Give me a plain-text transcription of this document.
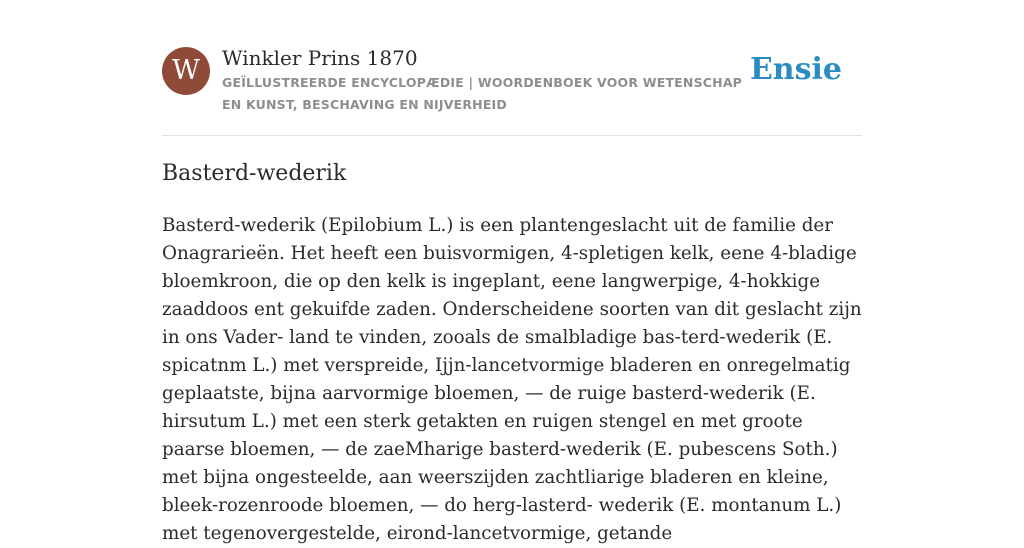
W	Winkler Prins 1870

GEÏLLUSTREERDE ENCYCLOPÆDIE | WOORDENBOEK VOOR WETENSCHAP EN KUNST, BESCHAVING EN NIJVERHEID

Ensie
Basterd-wederik

Basterd-wederik (Epilobium L.) is een plantengeslacht uit de familie der Onagrarieën. Het heeft een buisvormigen, 4-spletigen kelk, eene 4-bladige bloemkroon, die op den kelk is ingeplant, eene langwerpige, 4-hokkige zaaddoos ent gekuifde zaden. Onderscheidene soorten van dit geslacht zijn in ons Vader- land te vinden, zooals de smalbladige bas-terd-wederik (E. spicatnm L.) met verspreide, Ijjn-lancetvormige bladeren en onregelmatig geplaatste, bijna aarvormige bloemen, — de ruige basterd-wederik (E. hirsutum L.) met een sterk getakten en ruigen stengel en met groote paarse bloemen, — de zaeMharige basterd-wederik (E. pubescens Soth.) met bijna ongesteelde, aan weerszijden zachtliarige bladeren en kleine, bleek-rozenroode bloemen, — do herg-lasterd- wederik (E. montanum L.) met tegenovergestelde, eirond-lancetvormige, getande
